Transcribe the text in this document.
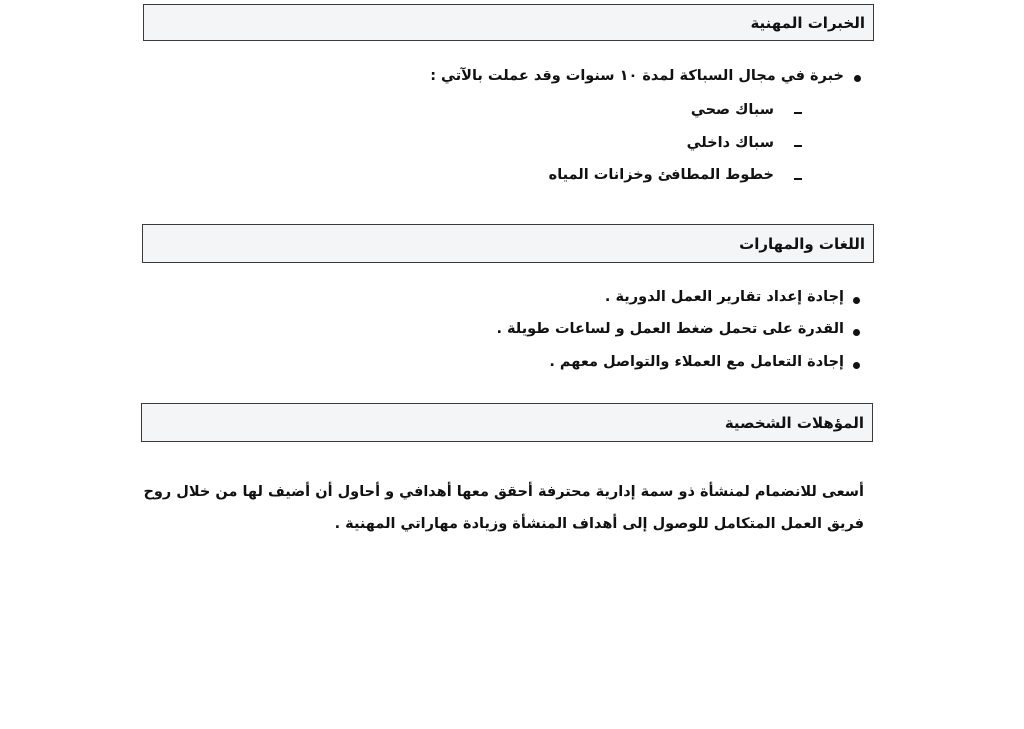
الخبرات المهنية
خبرة في مجال السباكة لمدة ١٠ سنوات وقد عملت بالآتي :
سباك صحي
سباك داخلي
خطوط المطافئ وخزانات المياه
اللغات والمهارات
إجادة إعداد تقارير العمل الدورية .
القدرة على تحمل ضغط العمل و لساعات طويلة .
إجادة التعامل مع العملاء والتواصل معهم .
المؤهلات الشخصية
أسعى للانضمام لمنشأة ذو سمة إدارية محترفة أحقق معها أهدافي و أحاول أن أضيف لها من خلال روح
فريق العمل المتكامل للوصول إلى أهداف المنشأة وزيادة مهاراتي المهنية .
